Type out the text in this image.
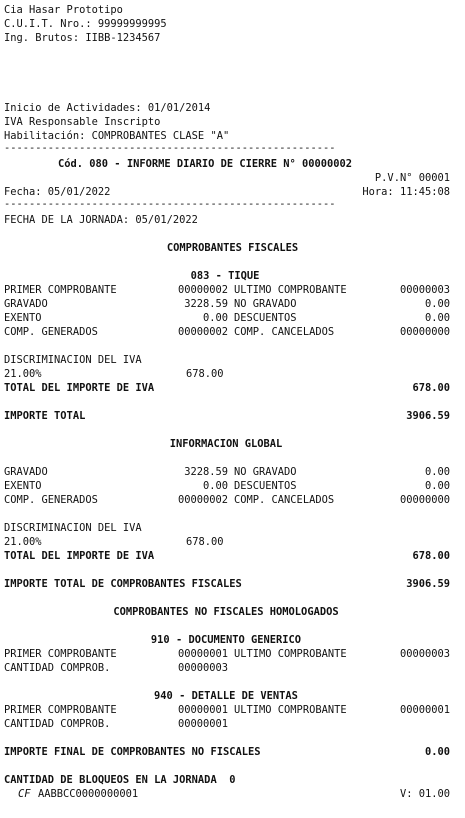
Cia Hasar Prototipo
C.U.I.T. Nro.: 99999999995
Ing. Brutos: IIBB-1234567
Inicio de Actividades: 01/01/2014
IVA Responsable Inscripto
Habilitación: COMPROBANTES CLASE "A"
-----------------------------------------------------
Cód. 080 - INFORME DIARIO DE CIERRE N° 00000002
P.V.N° 00001
Fecha: 05/01/2022	Hora: 11:45:08
-----------------------------------------------------
FECHA DE LA JORNADA: 05/01/2022
COMPROBANTES FISCALES
083 - TIQUE
PRIMER COMPROBANTE	00000002 ULTIMO COMPROBANTE	00000003
GRAVADO	3228.59 NO GRAVADO	0.00
EXENTO	0.00 DESCUENTOS	0.00
COMP. GENERADOS	00000002 COMP. CANCELADOS	00000000
DISCRIMINACION DEL IVA
21.00%	678.00
TOTAL DEL IMPORTE DE IVA	678.00
IMPORTE TOTAL	3906.59
INFORMACION GLOBAL
GRAVADO	3228.59 NO GRAVADO	0.00
EXENTO	0.00 DESCUENTOS	0.00
COMP. GENERADOS	00000002 COMP. CANCELADOS	00000000
DISCRIMINACION DEL IVA
21.00%	678.00
TOTAL DEL IMPORTE DE IVA	678.00
IMPORTE TOTAL DE COMPROBANTES FISCALES	3906.59
COMPROBANTES NO FISCALES HOMOLOGADOS
910 - DOCUMENTO GENERICO
PRIMER COMPROBANTE	00000001 ULTIMO COMPROBANTE	00000003
CANTIDAD COMPROB.	00000003
940 - DETALLE DE VENTAS
PRIMER COMPROBANTE	00000001 ULTIMO COMPROBANTE	00000001
CANTIDAD COMPROB.	00000001
IMPORTE FINAL DE COMPROBANTES NO FISCALES	0.00
CANTIDAD DE BLOQUEOS EN LA JORNADA  0
CF AABBCC0000000001	V: 01.00
